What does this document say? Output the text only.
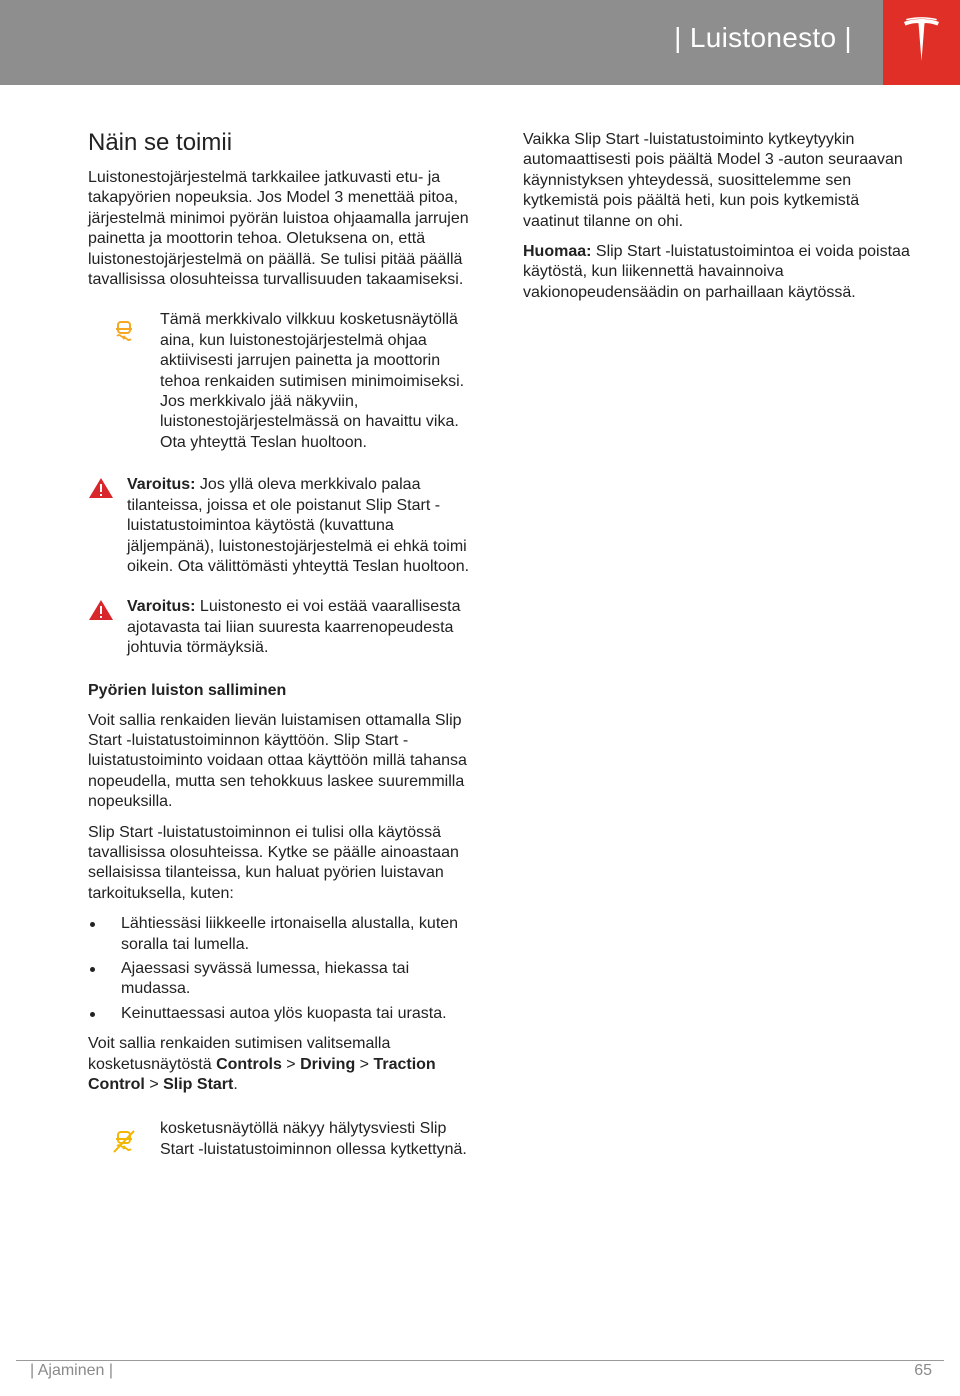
| Luistonesto |
Näin se toimii

Luistonestojärjestelmä tarkkailee jatkuvasti etu- ja takapyörien nopeuksia. Jos Model 3 menettää pitoa, järjestelmä minimoi pyörän luistoa ohjaamalla jarrujen painetta ja moottorin tehoa. Oletuksena on, että luistonestojärjestelmä on päällä. Se tulisi pitää päällä tavallisissa olosuhteissa turvallisuuden takaamiseksi.

Tämä merkkivalo vilkkuu kosketusnäytöllä aina, kun luistonestojärjestelmä ohjaa aktiivisesti jarrujen painetta ja moottorin tehoa renkaiden sutimisen minimoimiseksi. Jos merkkivalo jää näkyviin, luistonestojärjestelmässä on havaittu vika. Ota yhteyttä Teslan huoltoon.
Varoitus: Jos yllä oleva merkkivalo palaa tilanteissa, joissa et ole poistanut Slip Start -luistatustoimintoa käytöstä (kuvattuna jäljempänä), luistonestojärjestelmä ei ehkä toimi oikein. Ota välittömästi yhteyttä Teslan huoltoon.
Varoitus: Luistonesto ei voi estää vaarallisesta ajotavasta tai liian suuresta kaarrenopeudesta johtuvia törmäyksiä.
Pyörien luiston salliminen

Voit sallia renkaiden lievän luistamisen ottamalla Slip Start -luistatustoiminnon käyttöön. Slip Start -luistatustoiminto voidaan ottaa käyttöön millä tahansa nopeudella, mutta sen tehokkuus laskee suuremmilla nopeuksilla.

Slip Start -luistatustoiminnon ei tulisi olla käytössä tavallisissa olosuhteissa. Kytke se päälle ainoastaan sellaisissa tilanteissa, kun haluat pyörien luistavan tarkoituksella, kuten:

Lähtiessäsi liikkeelle irtonaisella alustalla, kuten soralla tai lumella.
Ajaessasi syvässä lumessa, hiekassa tai mudassa.
Keinuttaessasi autoa ylös kuopasta tai urasta.

Voit sallia renkaiden sutimisen valitsemalla kosketusnäytöstä Controls > Driving > Traction Control > Slip Start.

kosketusnäytöllä näkyy hälytysviesti Slip Start -luistatustoiminnon ollessa kytkettynä.

Vaikka Slip Start -luistatustoiminto kytkeytyykin automaattisesti pois päältä Model 3 -auton seuraavan käynnistyksen yhteydessä, suosittelemme sen kytkemistä pois päältä heti, kun pois kytkemistä vaatinut tilanne on ohi.

Huomaa: Slip Start -luistatustoimintoa ei voida poistaa käytöstä, kun liikennettä havainnoiva vakionopeudensäädin on parhaillaan käytössä.

| Ajaminen |	65
